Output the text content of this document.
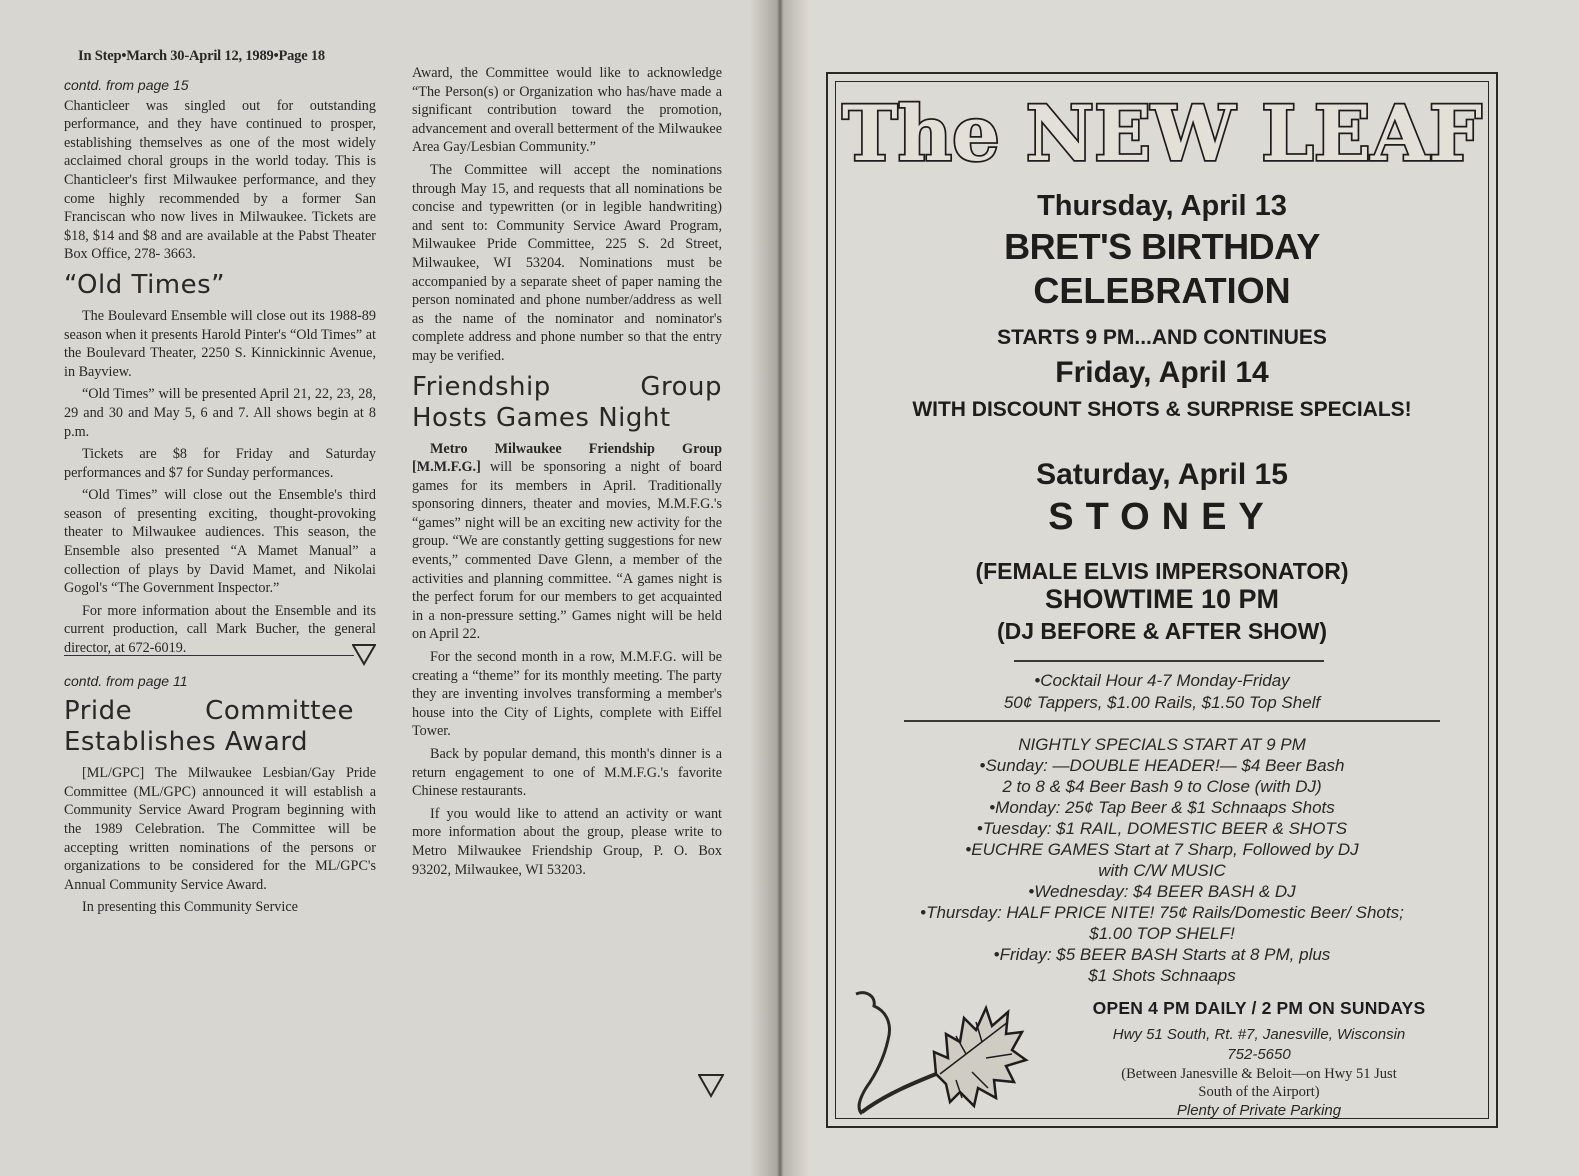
In Step•March 30-April 12, 1989•Page 18
contd. from page 15

Chanticleer was singled out for outstanding performance, and they have continued to prosper, establishing themselves as one of the most widely acclaimed choral groups in the world today. This is Chanticleer's first Milwaukee performance, and they come highly recommended by a former San Franciscan who now lives in Milwaukee. Tickets are $18, $14 and $8 and are available at the Pabst Theater Box Office, 278- 3663.

“Old Times”

The Boulevard Ensemble will close out its 1988-89 season when it presents Harold Pinter's “Old Times” at the Boulevard Theater, 2250 S. Kinnickinnic Avenue, in Bayview.

“Old Times” will be presented April 21, 22, 23, 28, 29 and 30 and May 5, 6 and 7. All shows begin at 8 p.m.

Tickets are $8 for Friday and Saturday performances and $7 for Sunday performances.

“Old Times” will close out the Ensemble's third season of presenting exciting, thought-provoking theater to Milwaukee audiences. This season, the Ensemble also presented “A Mamet Manual” a collection of plays by David Mamet, and Nikolai Gogol's “The Government Inspector.”

For more information about the Ensemble and its current production, call Mark Bucher, the general director, at 672-6019.

contd. from page 11
Pride Committee Establishes Award

[ML/GPC] The Milwaukee Lesbian/Gay Pride Committee (ML/GPC) announced it will establish a Community Service Award Program beginning with the 1989 Celebration. The Committee will be accepting written nominations of the persons or organizations to be considered for the ML/GPC's Annual Community Service Award.

In presenting this Community Service

Award, the Committee would like to acknowledge “The Person(s) or Organization who has/have made a significant contribution toward the promotion, advancement and overall betterment of the Milwaukee Area Gay/Lesbian Community.”

The Committee will accept the nominations through May 15, and requests that all nominations be concise and typewritten (or in legible handwriting) and sent to: Community Service Award Program, Milwaukee Pride Committee, 225 S. 2d Street, Milwaukee, WI 53204. Nominations must be accompanied by a separate sheet of paper naming the person nominated and phone number/address as well as the name of the nominator and nominator's complete address and phone number so that the entry may be verified.

Friendship Group Hosts Games Night

Metro Milwaukee Friendship Group [M.M.F.G.] will be sponsoring a night of board games for its members in April. Traditionally sponsoring dinners, theater and movies, M.M.F.G.'s “games” night will be an exciting new activity for the group. “We are constantly getting suggestions for new events,” commented Dave Glenn, a member of the activities and planning committee. “A games night is the perfect forum for our members to get acquainted in a non-pressure setting.” Games night will be held on April 22.

For the second month in a row, M.M.F.G. will be creating a “theme” for its monthly meeting. The party they are inventing involves transforming a member's house into the City of Lights, complete with Eiffel Tower.

Back by popular demand, this month's dinner is a return engagement to one of M.M.F.G.'s favorite Chinese restaurants.

If you would like to attend an activity or want more information about the group, please write to Metro Milwaukee Friendship Group, P. O. Box 93202, Milwaukee, WI 53203.

The NEW LEAF
Thursday, April 13
BRET'S BIRTHDAY
CELEBRATION
STARTS 9 PM...AND CONTINUES
Friday, April 14
WITH DISCOUNT SHOTS & SURPRISE SPECIALS!
Saturday, April 15
STONEY
(FEMALE ELVIS IMPERSONATOR)
SHOWTIME 10 PM
(DJ BEFORE & AFTER SHOW)
•Cocktail Hour 4-7 Monday-Friday
50¢ Tappers, $1.00 Rails, $1.50 Top Shelf
NIGHTLY SPECIALS START AT 9 PM
•Sunday: —DOUBLE HEADER!— $4 Beer Bash
2 to 8 & $4 Beer Bash 9 to Close (with DJ)
•Monday: 25¢ Tap Beer & $1 Schnaaps Shots
•Tuesday: $1 RAIL, DOMESTIC BEER & SHOTS
•EUCHRE GAMES Start at 7 Sharp, Followed by DJ
with C/W MUSIC
•Wednesday: $4 BEER BASH & DJ
•Thursday: HALF PRICE NITE! 75¢ Rails/Domestic Beer/ Shots;
$1.00 TOP SHELF!
•Friday: $5 BEER BASH Starts at 8 PM, plus
$1 Shots Schnaaps
OPEN 4 PM DAILY / 2 PM ON SUNDAYS
Hwy 51 South, Rt. #7, Janesville, Wisconsin
752-5650
(Between Janesville & Beloit—on Hwy 51 Just
South of the Airport)
Plenty of Private Parking
